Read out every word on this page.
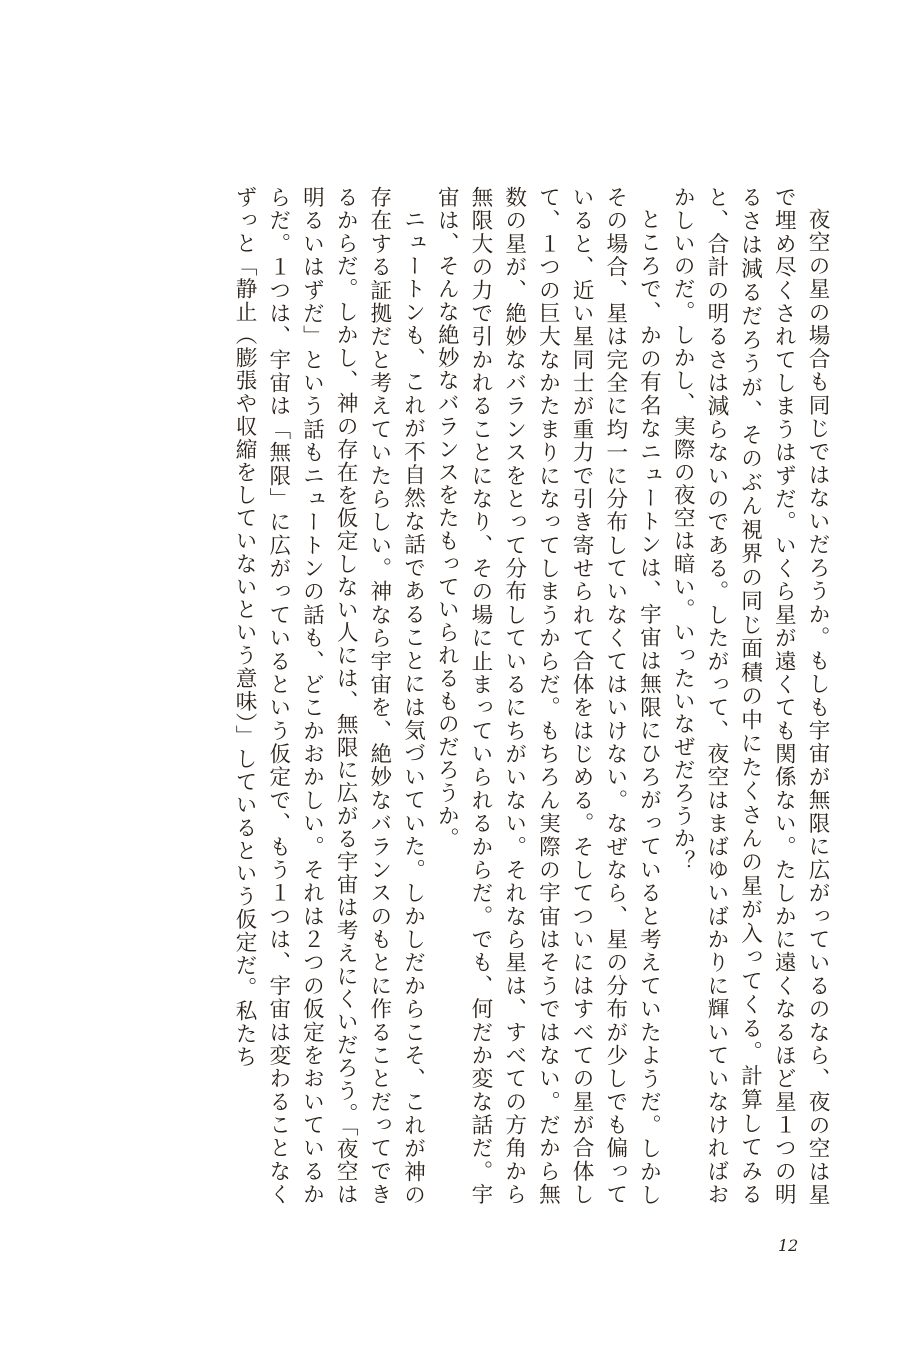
夜空の星の場合も同じではないだろうか。もしも宇宙が無限に広がっているのなら、夜の空は星で埋め尽くされてしまうはずだ。いくら星が遠くても関係ない。たしかに遠くなるほど星１つの明るさは減るだろうが、そのぶん視界の同じ面積の中にたくさんの星が入ってくる。計算してみると、合計の明るさは減らないのである。したがって、夜空はまばゆいばかりに輝いていなければおかしいのだ。しかし、実際の夜空は暗い。いったいなぜだろうか？

ところで、かの有名なニュートンは、宇宙は無限にひろがっていると考えていたようだ。しかしその場合、星は完全に均一に分布していなくてはいけない。なぜなら、星の分布が少しでも偏っていると、近い星同士が重力で引き寄せられて合体をはじめる。そしてついにはすべての星が合体して、１つの巨大なかたまりになってしまうからだ。もちろん実際の宇宙はそうではない。だから無数の星が、絶妙なバランスをとって分布しているにちがいない。それなら星は、すべての方角から無限大の力で引かれることになり、その場に止まっていられるからだ。でも、何だか変な話だ。宇宙は、そんな絶妙なバランスをたもっていられるものだろうか。

ニュートンも、これが不自然な話であることには気づいていた。しかしだからこそ、これが神の存在する証拠だと考えていたらしい。神なら宇宙を、絶妙なバランスのもとに作ることだってできるからだ。しかし、神の存在を仮定しない人には、無限に広がる宇宙は考えにくいだろう。「夜空は明るいはずだ」という話もニュートンの話も、どこかおかしい。それは２つの仮定をおいているからだ。１つは、宇宙は「無限」に広がっているという仮定で、もう１つは、宇宙は変わることなくずっと「静止（膨張や収縮をしていないという意味）」しているという仮定だ。私たち

12
